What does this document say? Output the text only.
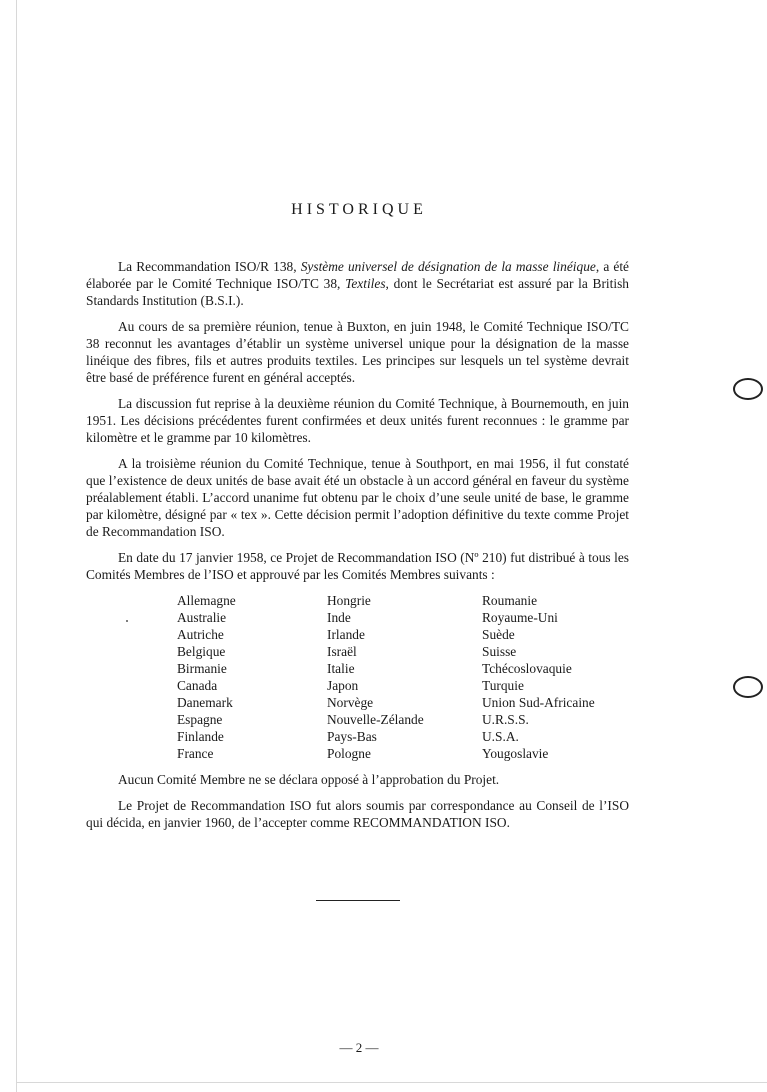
HISTORIQUE

La Recommandation ISO/R 138, Système universel de désignation de la masse linéique, a été élaborée par le Comité Technique ISO/TC 38, Textiles, dont le Secrétariat est assuré par la British Standards Institution (B.S.I.).

Au cours de sa première réunion, tenue à Buxton, en juin 1948, le Comité Technique ISO/TC 38 reconnut les avantages d’établir un système universel unique pour la désignation de la masse linéique des fibres, fils et autres produits textiles. Les principes sur lesquels un tel système devrait être basé de préférence furent en général acceptés.

La discussion fut reprise à la deuxième réunion du Comité Technique, à Bournemouth, en juin 1951. Les décisions précédentes furent confirmées et deux unités furent reconnues : le gramme par kilomètre et le gramme par 10 kilomètres.

A la troisième réunion du Comité Technique, tenue à Southport, en mai 1956, il fut constaté que l’existence de deux unités de base avait été un obstacle à un accord général en faveur du système préalablement établi. L’accord unanime fut obtenu par le choix d’une seule unité de base, le gramme par kilomètre, désigné par « tex ». Cette décision permit l’adoption définitive du texte comme Projet de Recommandation ISO.

En date du 17 janvier 1958, ce Projet de Recommandation ISO (Nº 210) fut distribué à tous les Comités Membres de l’ISO et approuvé par les Comités Membres suivants :

Allemagne
Australie
Autriche
Belgique
Birmanie
Canada
Danemark
Espagne
Finlande
France
Hongrie
Inde
Irlande
Israël
Italie
Japon
Norvège
Nouvelle-Zélande
Pays-Bas
Pologne
Roumanie
Royaume-Uni
Suède
Suisse
Tchécoslovaquie
Turquie
Union Sud-Africaine
U.R.S.S.
U.S.A.
Yougoslavie

Aucun Comité Membre ne se déclara opposé à l’approbation du Projet.

Le Projet de Recommandation ISO fut alors soumis par correspondance au Conseil de l’ISO qui décida, en janvier 1960, de l’accepter comme RECOMMANDATION ISO.

— 2 —
